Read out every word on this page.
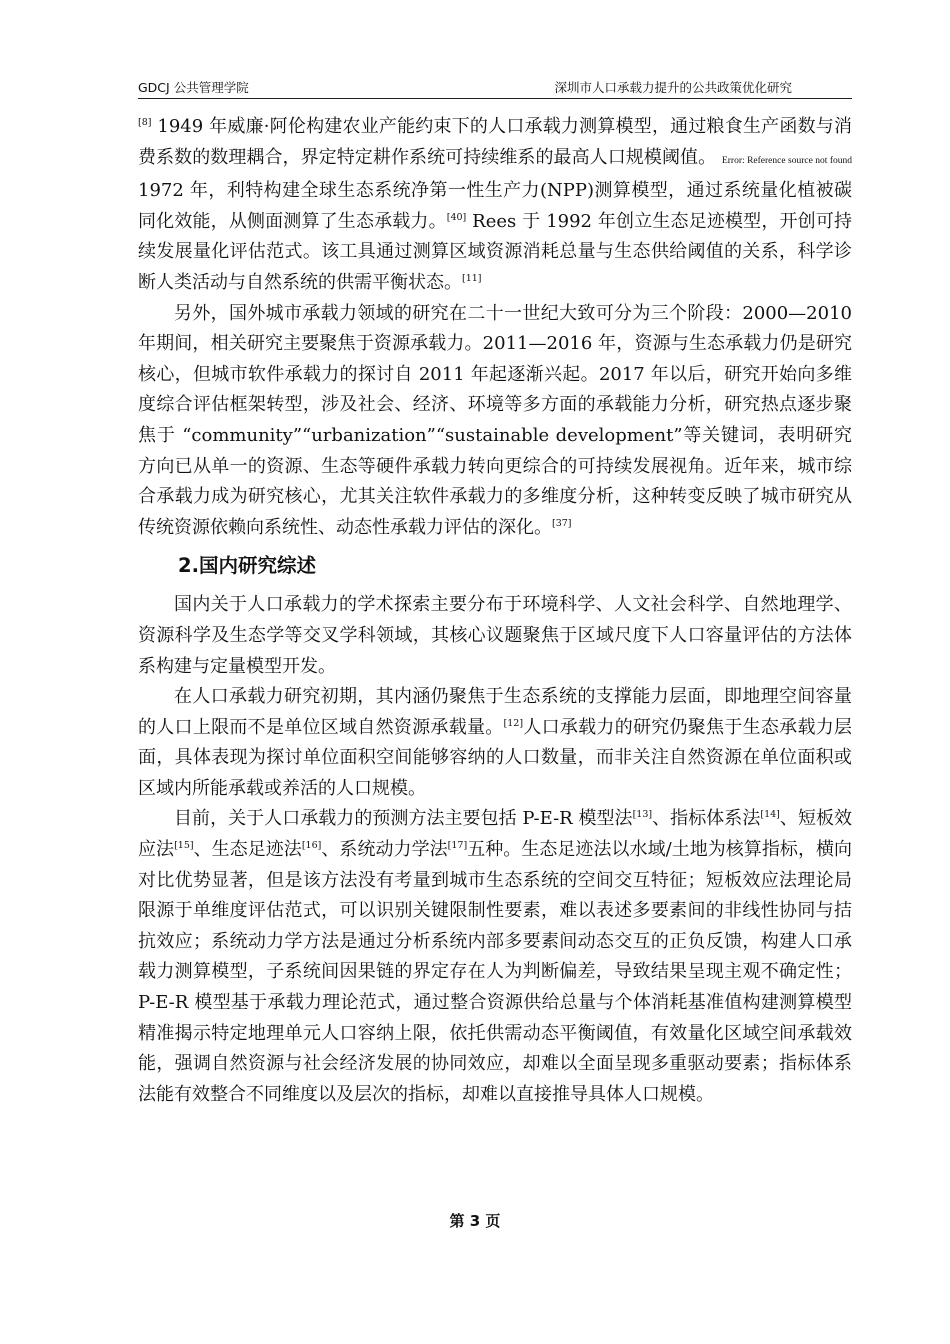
GDCJ 公共管理学院	深圳市人口承载力提升的公共政策优化研究

[8] 1949 年威廉·阿伦构建农业产能约束下的人口承载力测算模型，通过粮食生产函数与消费系数的数理耦合，界定特定耕作系统可持续维系的最高人口规模阈值。 Error: Reference source not found 1972 年，利特构建全球生态系统净第一性生产力(NPP)测算模型，通过系统量化植被碳同化效能，从侧面测算了生态承载力。[40] Rees 于 1992 年创立生态足迹模型，开创可持续发展量化评估范式。该工具通过测算区域资源消耗总量与生态供给阈值的关系，科学诊断人类活动与自然系统的供需平衡状态。[11]

另外，国外城市承载力领域的研究在二十一世纪大致可分为三个阶段：2000—2010 年期间，相关研究主要聚焦于资源承载力。2011—2016 年，资源与生态承载力仍是研究核心，但城市软件承载力的探讨自 2011 年起逐渐兴起。2017 年以后，研究开始向多维度综合评估框架转型，涉及社会、经济、环境等多方面的承载能力分析，研究热点逐步聚焦于 “community”“urbanization”“sustainable development”等关键词，表明研究方向已从单一的资源、生态等硬件承载力转向更综合的可持续发展视角。近年来，城市综合承载力成为研究核心，尤其关注软件承载力的多维度分析，这种转变反映了城市研究从传统资源依赖向系统性、动态性承载力评估的深化。[37]

2.国内研究综述

国内关于人口承载力的学术探索主要分布于环境科学、人文社会科学、自然地理学、资源科学及生态学等交叉学科领域，其核心议题聚焦于区域尺度下人口容量评估的方法体系构建与定量模型开发。

在人口承载力研究初期，其内涵仍聚焦于生态系统的支撑能力层面，即地理空间容量的人口上限而不是单位区域自然资源承载量。[12]人口承载力的研究仍聚焦于生态承载力层面，具体表现为探讨单位面积空间能够容纳的人口数量，而非关注自然资源在单位面积或区域内所能承载或养活的人口规模。

目前，关于人口承载力的预测方法主要包括 P-E-R 模型法[13]、指标体系法[14]、短板效应法[15]、生态足迹法[16]、系统动力学法[17]五种。生态足迹法以水域/土地为核算指标，横向对比优势显著，但是该方法没有考量到城市生态系统的空间交互特征；短板效应法理论局限源于单维度评估范式，可以识别关键限制性要素，难以表述多要素间的非线性协同与拮抗效应；系统动力学方法是通过分析系统内部多要素间动态交互的正负反馈，构建人口承载力测算模型，子系统间因果链的界定存在人为判断偏差，导致结果呈现主观不确定性；P-E-R 模型基于承载力理论范式，通过整合资源供给总量与个体消耗基准值构建测算模型精准揭示特定地理单元人口容纳上限，依托供需动态平衡阈值，有效量化区域空间承载效能，强调自然资源与社会经济发展的协同效应，却难以全面呈现多重驱动要素；指标体系法能有效整合不同维度以及层次的指标，却难以直接推导具体人口规模。

第 3 页
